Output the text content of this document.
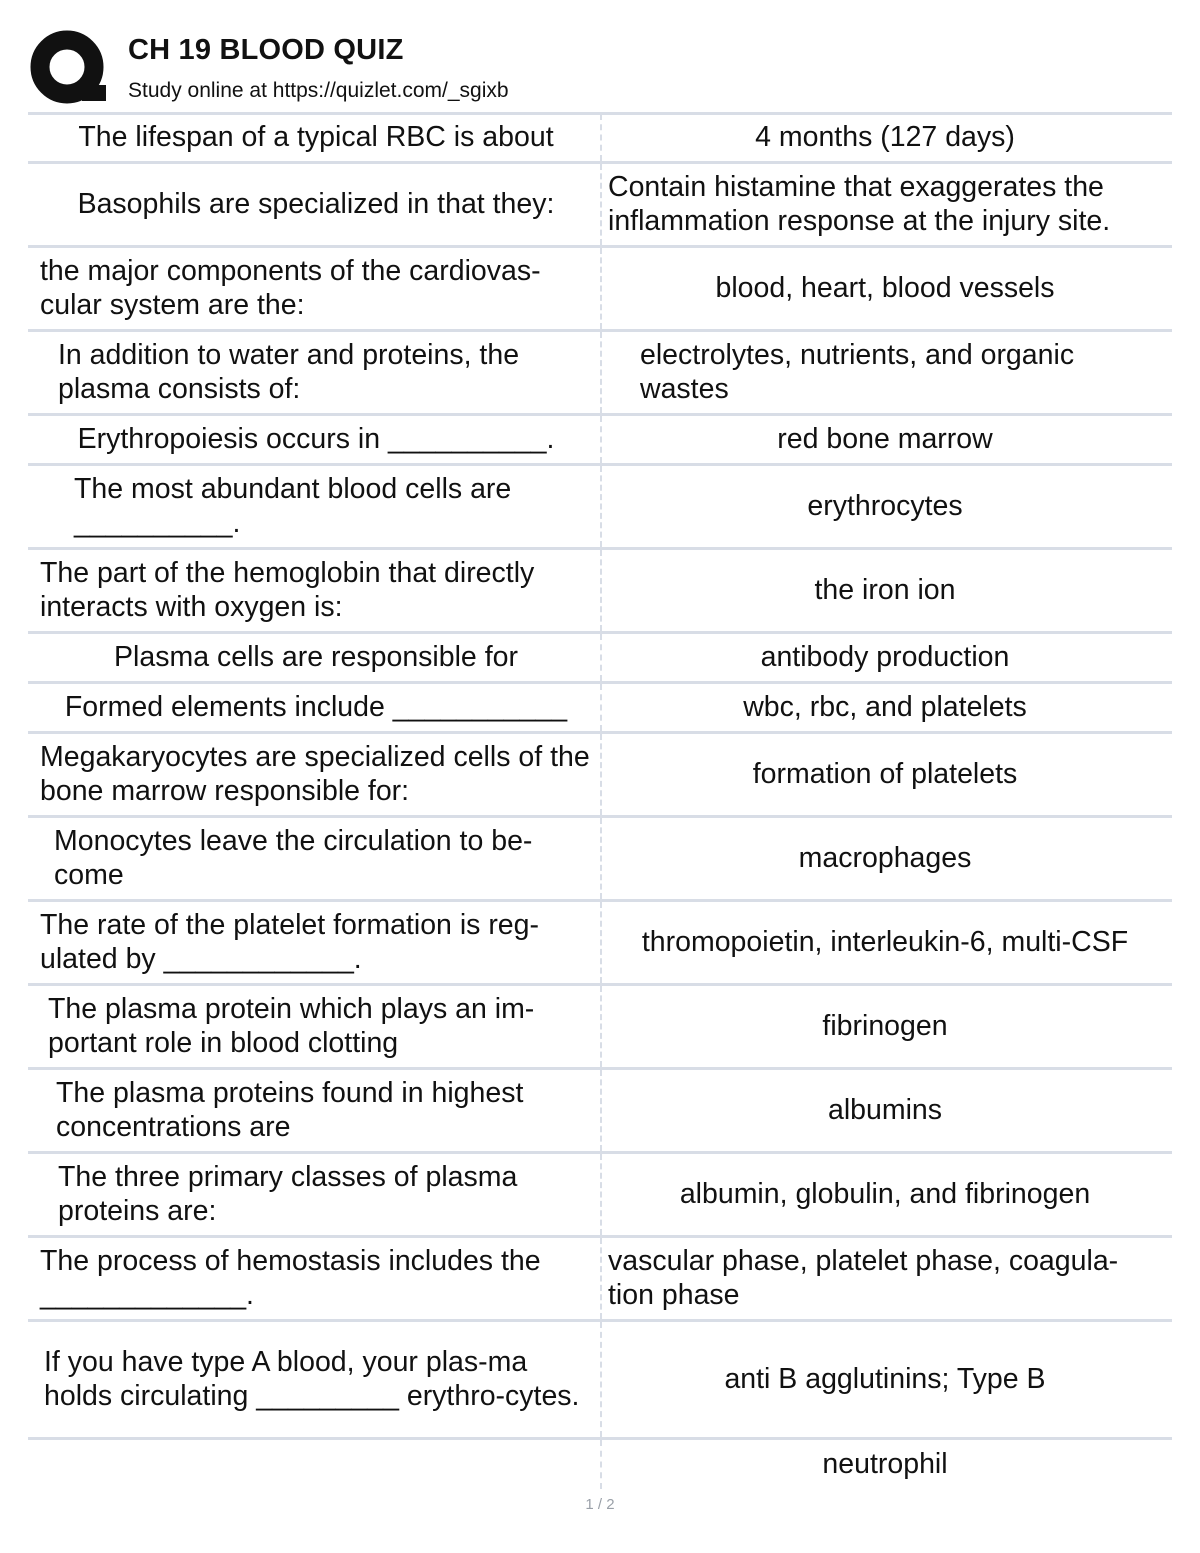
CH 19 BLOOD QUIZ
Study online at https://quizlet.com/_sgixb
The lifespan of a typical RBC is about	4 months (127 days)
Basophils are specialized in that they:	Contain histamine that exaggerates the inflammation response at the injury site.
the major components of the cardiovas-cular system are the:	blood, heart, blood vessels
In addition to water and proteins, the plasma consists of:	electrolytes, nutrients, and organic wastes
Erythropoiesis occurs in __________.	red bone marrow
The most abundant blood cells are __________.	erythrocytes
The part of the hemoglobin that directly interacts with oxygen is:	the iron ion
Plasma cells are responsible for	antibody production
Formed elements include ___________	wbc, rbc, and platelets
Megakaryocytes are specialized cells of the bone marrow responsible for:	formation of platelets
Monocytes leave the circulation to be-come	macrophages
The rate of the platelet formation is reg-ulated by ____________.	thromopoietin, interleukin-6, multi-CSF
The plasma protein which plays an im-portant role in blood clotting	fibrinogen
The plasma proteins found in highest concentrations are	albumins
The three primary classes of plasma proteins are:	albumin, globulin, and fibrinogen
The process of hemostasis includes the _____________.	vascular phase, platelet phase, coagula-tion phase
If you have type A blood, your plas-ma holds circulating _________ erythro-cytes.	anti B agglutinins; Type B
	neutrophil
1 / 2
